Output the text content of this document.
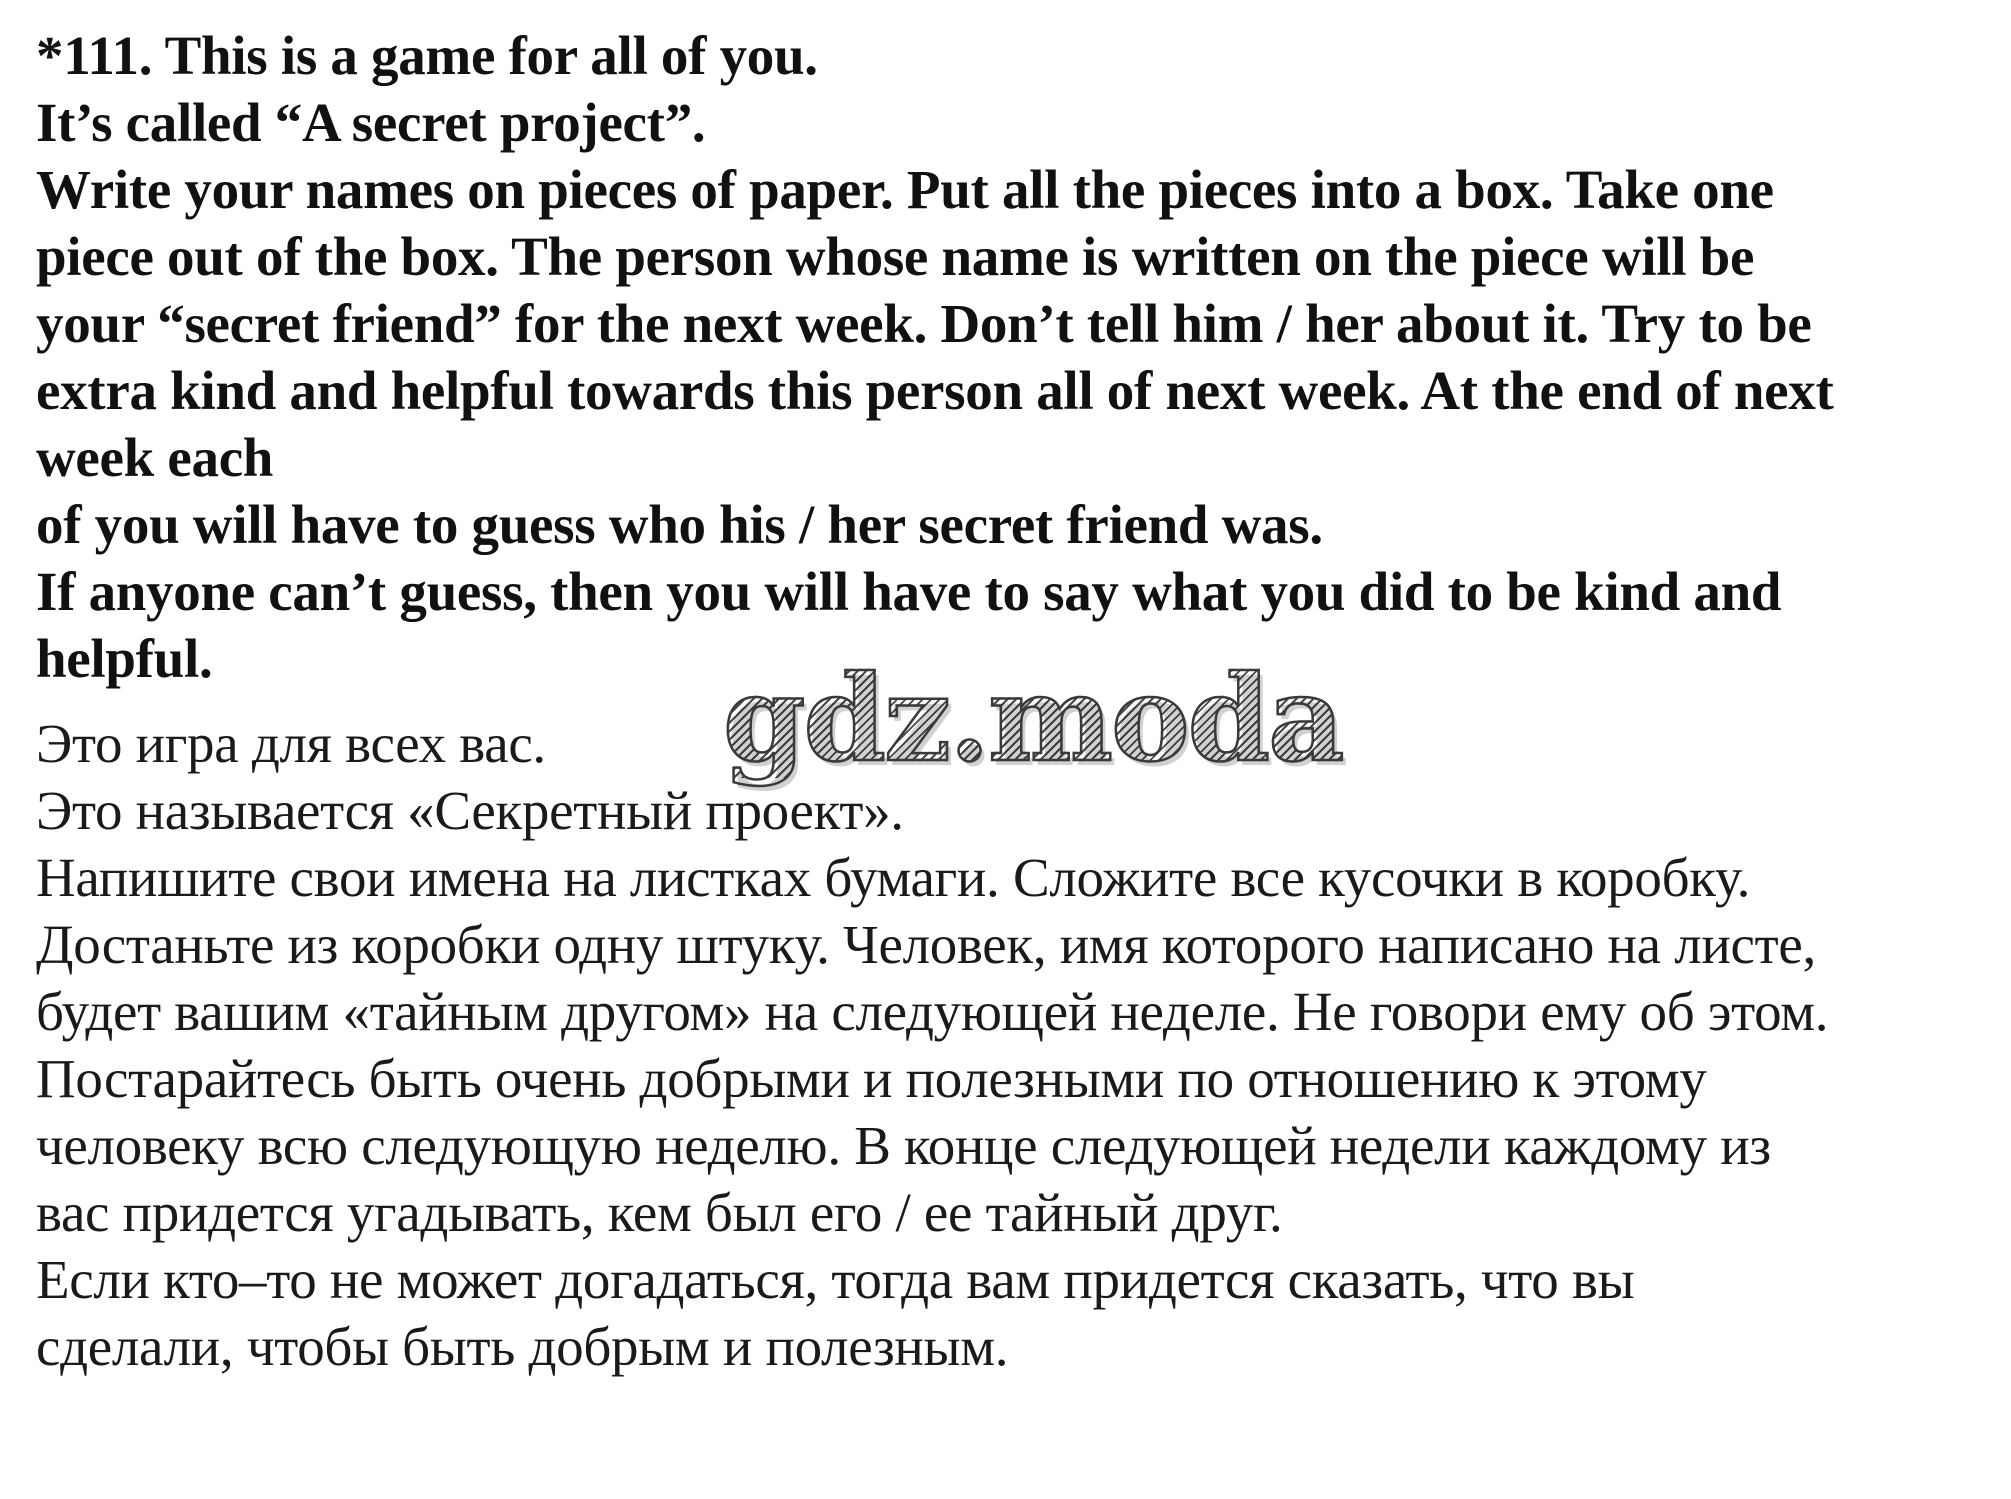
*111. This is a game for all of you.
It’s called “A secret project”.
Write your names on pieces of paper. Put all the pieces into a box. Take one
piece out of the box. The person whose name is written on the piece will be
your “secret friend” for the next week. Don’t tell him / her about it. Try to be
extra kind and helpful towards this person all of next week. At the end of next
week each
of you will have to guess who his / her secret friend was.
If anyone can’t guess, then you will have to say what you did to be kind and
helpful.
Это игра для всех вас.
Это называется «Секретный проект».
Напишите свои имена на листках бумаги. Сложите все кусочки в коробку.
Достаньте из коробки одну штуку. Человек, имя которого написано на листе,
будет вашим «тайным другом» на следующей неделе. Не говори ему об этом.
Постарайтесь быть очень добрыми и полезными по отношению к этому
человеку всю следующую неделю. В конце следующей недели каждому из
вас придется угадывать, кем был его / ее тайный друг.
Если кто–то не может догадаться, тогда вам придется сказать, что вы
сделали, чтобы быть добрым и полезным.
gdz.moda
